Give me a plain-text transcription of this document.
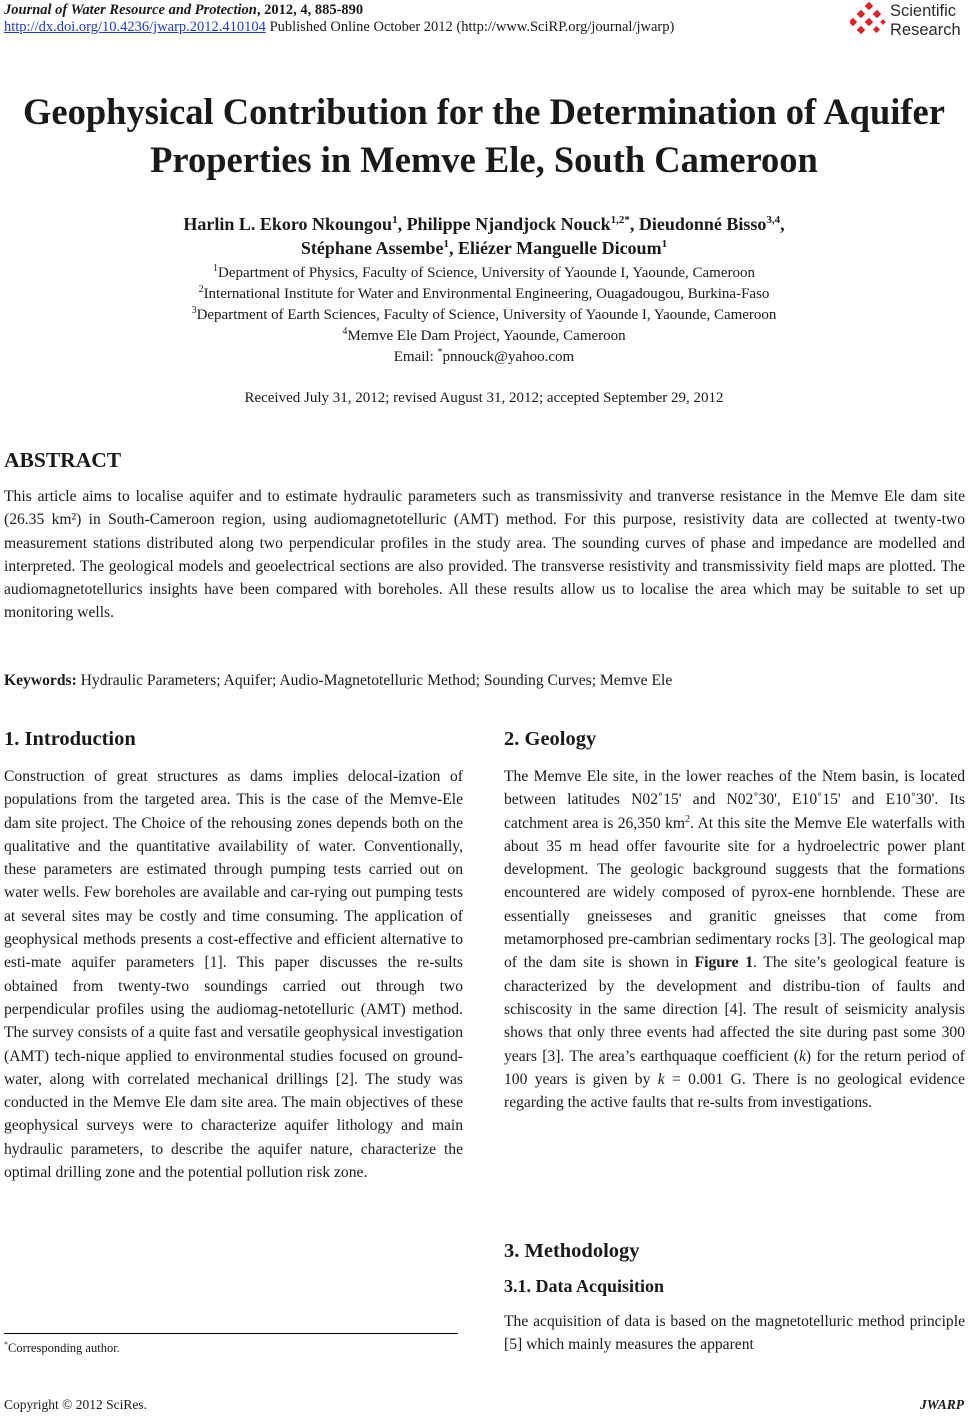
Journal of Water Resource and Protection, 2012, 4, 885-890
http://dx.doi.org/10.4236/jwarp.2012.410104 Published Online October 2012 (http://www.SciRP.org/journal/jwarp)
Scientific
Research
Geophysical Contribution for the Determination of Aquifer
Properties in Memve Ele, South Cameroon
Harlin L. Ekoro Nkoungou$^1$, Philippe Njandjock Nouck$^{1,2*}$, Dieudonné Bisso$^{3,4}$,
Stéphane Assembe$^1$, Eliézer Manguelle Dicoum$^1$
$^1$Department of Physics, Faculty of Science, University of Yaounde I, Yaounde, Cameroon
$^2$International Institute for Water and Environmental Engineering, Ouagadougou, Burkina-Faso
$^3$Department of Earth Sciences, Faculty of Science, University of Yaounde I, Yaounde, Cameroon
$^4$Memve Ele Dam Project, Yaounde, Cameroon
Email: *pnnouck@yahoo.com
Received July 31, 2012; revised August 31, 2012; accepted September 29, 2012
ABSTRACT
This article aims to localise aquifer and to estimate hydraulic parameters such as transmissivity and tranverse resistance in the Memve Ele dam site (26.35 km²) in South-Cameroon region, using audiomagnetotelluric (AMT) method. For this purpose, resistivity data are collected at twenty-two measurement stations distributed along two perpendicular profiles in the study area. The sounding curves of phase and impedance are modelled and interpreted. The geological models and geoelectrical sections are also provided. The transverse resistivity and transmissivity field maps are plotted. The audiomagnetotellurics insights have been compared with boreholes. All these results allow us to localise the area which may be suitable to set up monitoring wells.
Keywords: Hydraulic Parameters; Aquifer; Audio-Magnetotelluric Method; Sounding Curves; Memve Ele
1. Introduction
Construction of great structures as dams implies delocal-ization of populations from the targeted area. This is the case of the Memve-Ele dam site project. The Choice of the rehousing zones depends both on the qualitative and the quantitative availability of water. Conventionally, these parameters are estimated through pumping tests carried out on water wells. Few boreholes are available and car-rying out pumping tests at several sites may be costly and time consuming. The application of geophysical methods presents a cost-effective and efficient alternative to esti-mate aquifer parameters [1]. This paper discusses the re-sults obtained from twenty-two soundings carried out through two perpendicular profiles using the audiomag-netotelluric (AMT) method. The survey consists of a quite fast and versatile geophysical investigation (AMT) tech-nique applied to environmental studies focused on ground-water, along with correlated mechanical drillings [2]. The study was conducted in the Memve Ele dam site area. The main objectives of these geophysical surveys were to characterize aquifer lithology and main hydraulic parameters, to describe the aquifer nature, characterize the optimal drilling zone and the potential pollution risk zone.
2. Geology
The Memve Ele site, in the lower reaches of the Ntem basin, is located between latitudes N02˚15' and N02˚30', E10˚15' and E10˚30'. Its catchment area is 26,350 $km^2$. At this site the Memve Ele waterfalls with about 35 m head offer favourite site for a hydroelectric power plant development. The geologic background suggests that the formations encountered are widely composed of pyrox-ene hornblende. These are essentially gneisseses and granitic gneisses that come from metamorphosed pre-cambrian sedimentary rocks [3]. The geological map of the dam site is shown in Figure 1. The site’s geological feature is characterized by the development and distribu-tion of faults and schiscosity in the same direction [4]. The result of seismicity analysis shows that only three events had affected the site during past some 300 years [3]. The area’s earthquaque coefficient (k) for the return period of 100 years is given by k = 0.001 G. There is no geological evidence regarding the active faults that re-sults from investigations.
3. Methodology
3.1. Data Acquisition
The acquisition of data is based on the magnetotelluric method principle [5] which mainly measures the apparent
*Corresponding author.
Copyright © 2012 SciRes.	JWARP
